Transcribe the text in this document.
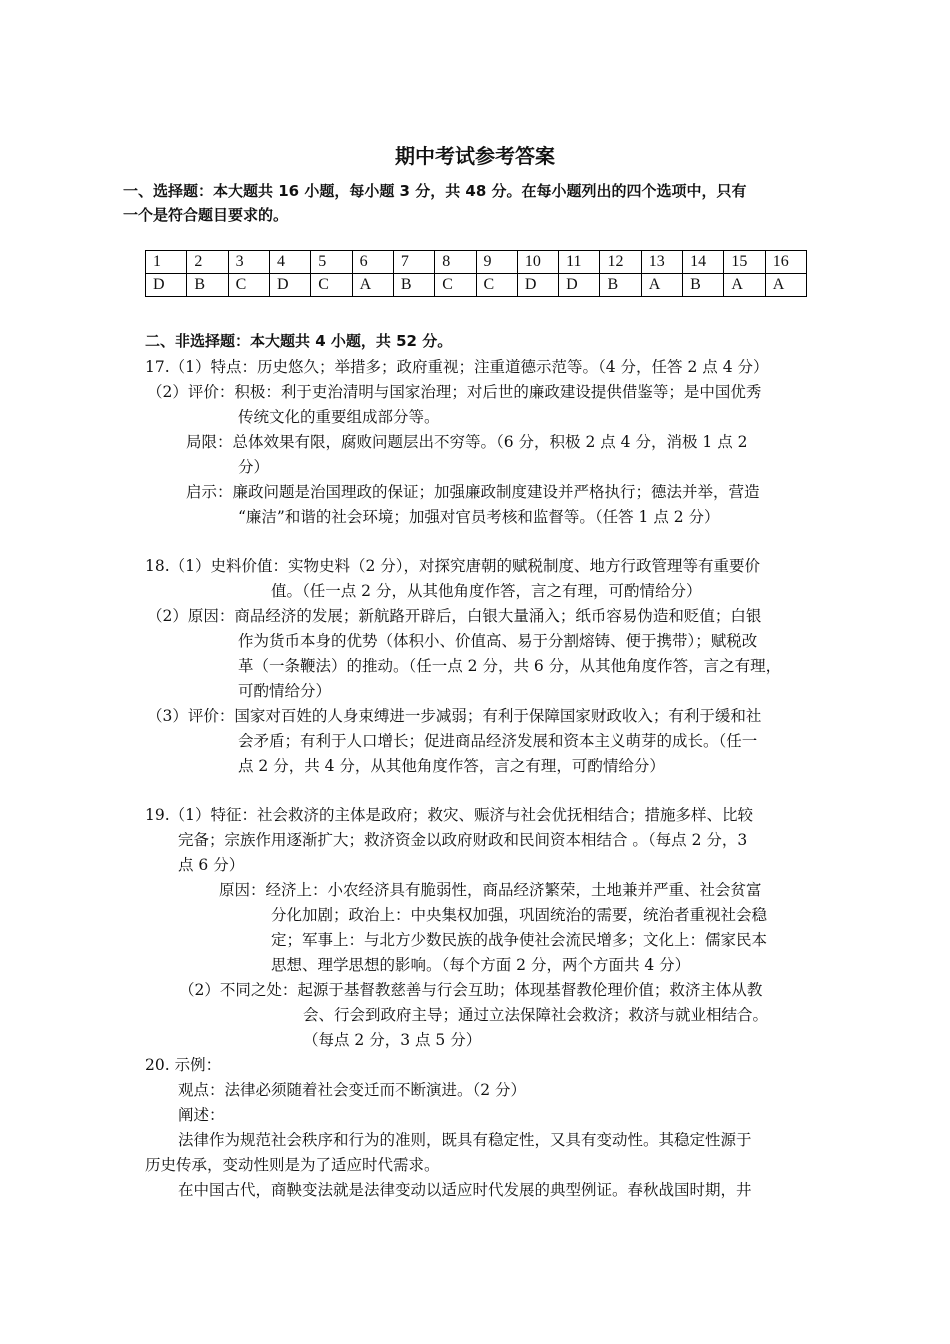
期中考试参考答案
一、选择题：本大题共 16 小题，每小题 3 分，共 48 分。在每小题列出的四个选项中，只有
一个是符合题目要求的。
1	2	3	4	5	6	7	8	9	10	11	12	13	14	15	16
D	B	C	D	C	A	B	C	C	D	D	B	A	B	A	A
二、非选择题：本大题共 4 小题，共 52 分。
17.（1）特点：历史悠久；举措多；政府重视；注重道德示范等。（4 分，任答 2 点 4 分）
（2）评价：积极：利于吏治清明与国家治理；对后世的廉政建设提供借鉴等；是中国优秀
传统文化的重要组成部分等。
局限：总体效果有限，腐败问题层出不穷等。（6 分，积极 2 点 4 分，消极 1 点 2
分）
启示：廉政问题是治国理政的保证；加强廉政制度建设并严格执行；德法并举，营造
“廉洁”和谐的社会环境；加强对官员考核和监督等。（任答 1 点 2 分）
18.（1）史料价值：实物史料（2 分），对探究唐朝的赋税制度、地方行政管理等有重要价
值。（任一点 2 分，从其他角度作答，言之有理，可酌情给分）
（2）原因：商品经济的发展；新航路开辟后，白银大量涌入；纸币容易伪造和贬值；白银
作为货币本身的优势（体积小、价值高、易于分割熔铸、便于携带）；赋税改
革（一条鞭法）的推动。（任一点 2 分，共 6 分，从其他角度作答，言之有理，
可酌情给分）
（3）评价：国家对百姓的人身束缚进一步减弱；有利于保障国家财政收入；有利于缓和社
会矛盾；有利于人口增长；促进商品经济发展和资本主义萌芽的成长。（任一
点 2 分，共 4 分，从其他角度作答，言之有理，可酌情给分）
19.（1）特征：社会救济的主体是政府；救灾、赈济与社会优抚相结合；措施多样、比较
完备；宗族作用逐渐扩大；救济资金以政府财政和民间资本相结合 。（每点 2 分，3
点 6 分）
原因：经济上：小农经济具有脆弱性，商品经济繁荣，土地兼并严重、社会贫富
分化加剧；政治上：中央集权加强，巩固统治的需要，统治者重视社会稳
定；军事上：与北方少数民族的战争使社会流民增多；文化上：儒家民本
思想、理学思想的影响。（每个方面 2 分，两个方面共 4 分）
（2）不同之处：起源于基督教慈善与行会互助；体现基督教伦理价值；救济主体从教
会、行会到政府主导；通过立法保障社会救济；救济与就业相结合。
（每点 2 分，3 点 5 分）
20. 示例：
观点：法律必须随着社会变迁而不断演进。（2 分）
阐述：
法律作为规范社会秩序和行为的准则，既具有稳定性，又具有变动性。其稳定性源于
历史传承，变动性则是为了适应时代需求。
在中国古代，商鞅变法就是法律变动以适应时代发展的典型例证。春秋战国时期，井
